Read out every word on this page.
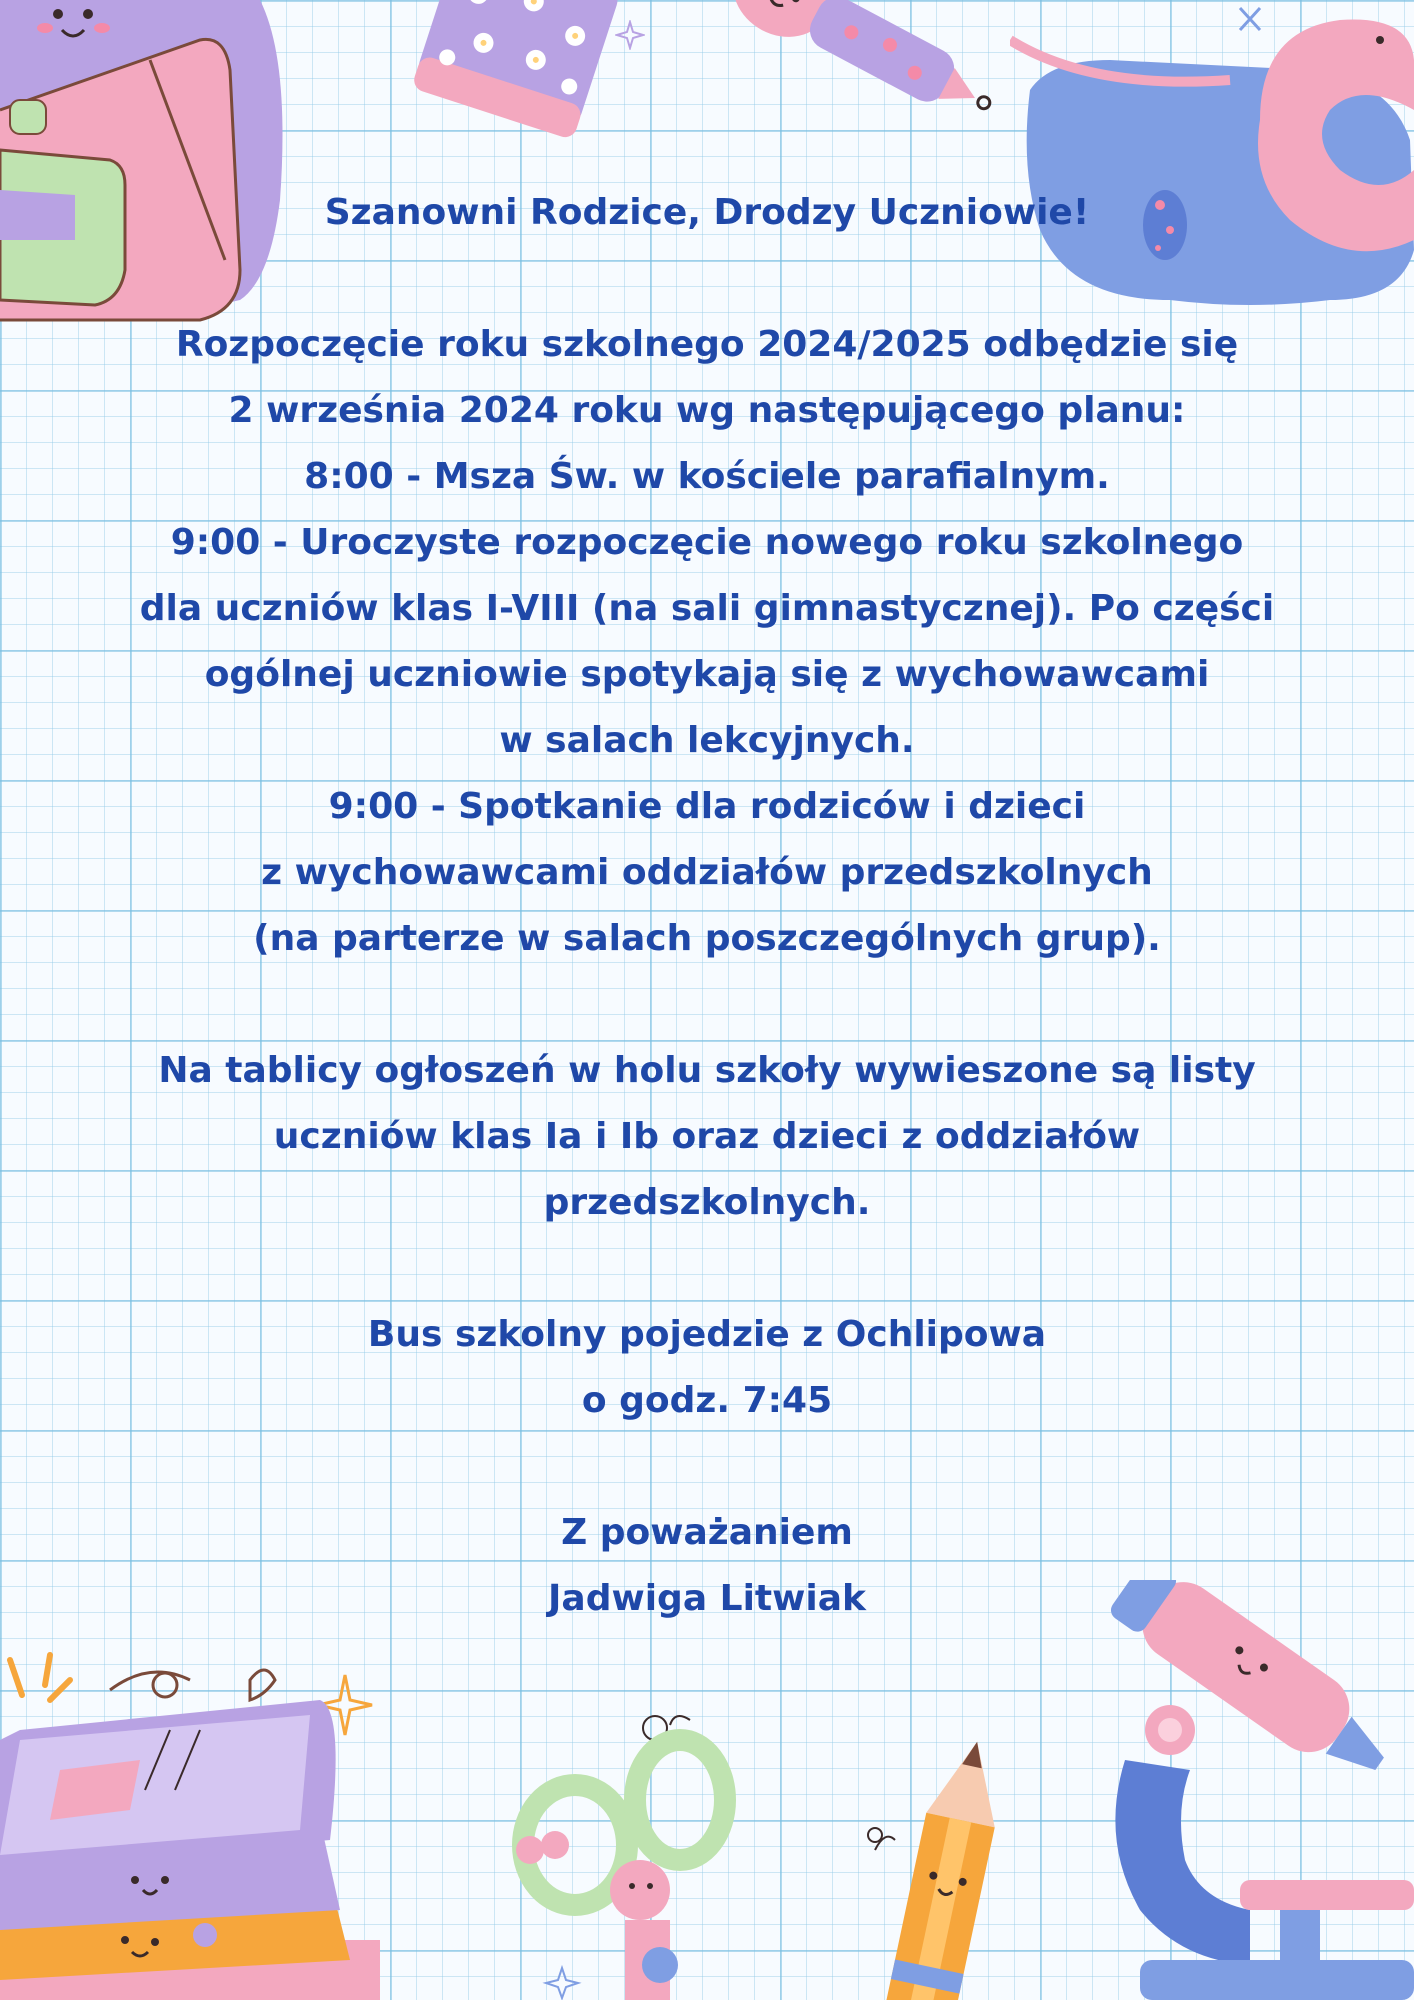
Szanowni Rodzice, Drodzy Uczniowie!
Rozpoczęcie roku szkolnego 2024/2025 odbędzie się
2 września 2024 roku wg następującego planu:
8:00 - Msza Św. w kościele parafialnym.
9:00 - Uroczyste rozpoczęcie nowego roku szkolnego
dla uczniów klas I-VIII (na sali gimnastycznej). Po części
ogólnej uczniowie spotykają się z wychowawcami
w salach lekcyjnych.
9:00 - Spotkanie dla rodziców i dzieci
z wychowawcami oddziałów przedszkolnych
(na parterze w salach poszczególnych grup).
Na tablicy ogłoszeń w holu szkoły wywieszone są listy
uczniów klas Ia i Ib oraz dzieci z oddziałów
przedszkolnych.
Bus szkolny pojedzie z Ochlipowa
o godz. 7:45
Z poważaniem
Jadwiga Litwiak
